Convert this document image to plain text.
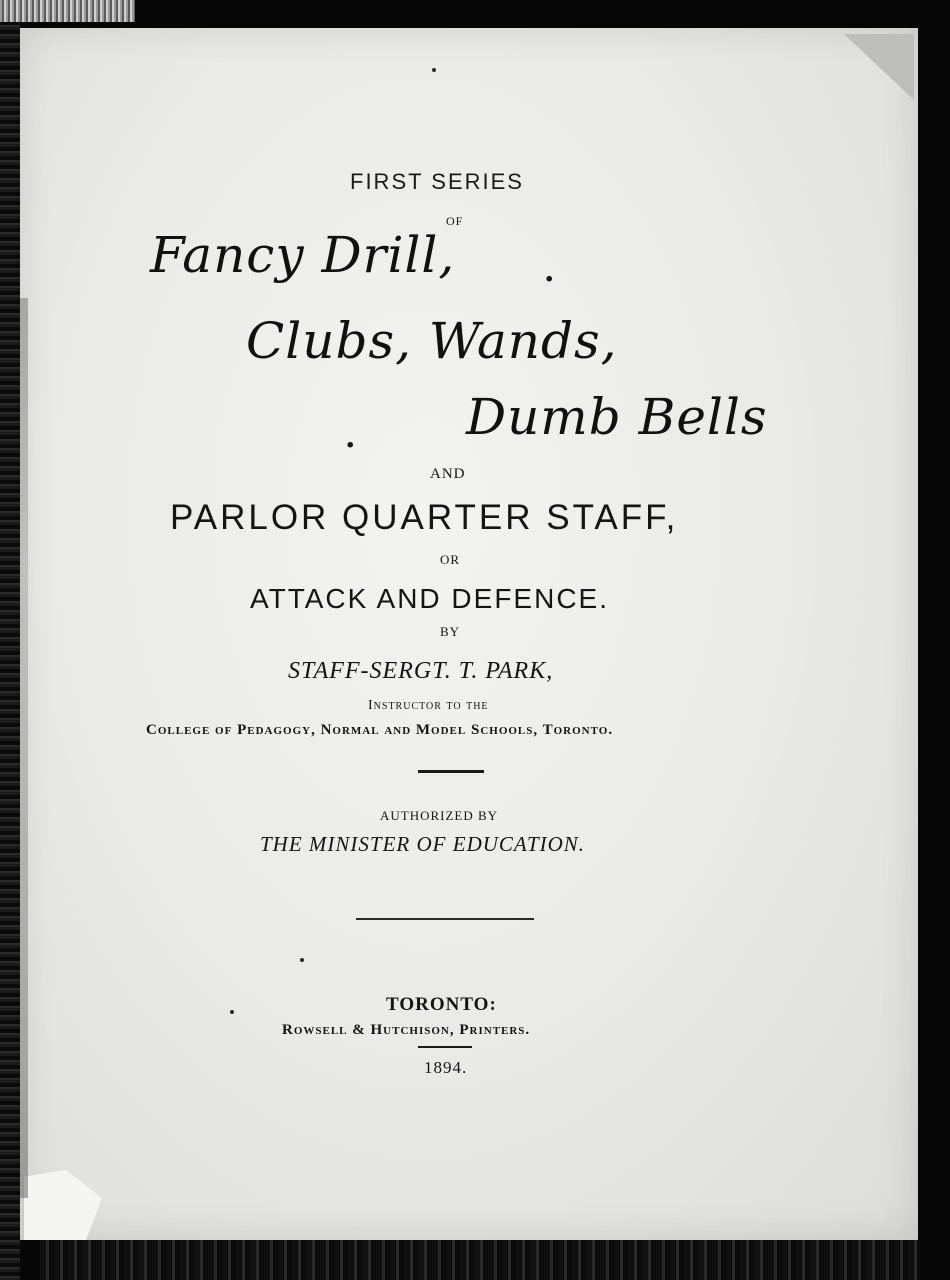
FIRST SERIES
OF
Fancy Drill,	.
Clubs, Wands,
. Dumb Bells
AND
PARLOR QUARTER STAFF,
OR
ATTACK AND DEFENCE.
BY
STAFF-SERGT. T. PARK,
Instructor to the
College of Pedagogy, Normal and Model Schools, Toronto.
AUTHORIZED BY
THE MINISTER OF EDUCATION.
TORONTO:
Rowsell & Hutchison, Printers.
1894.
